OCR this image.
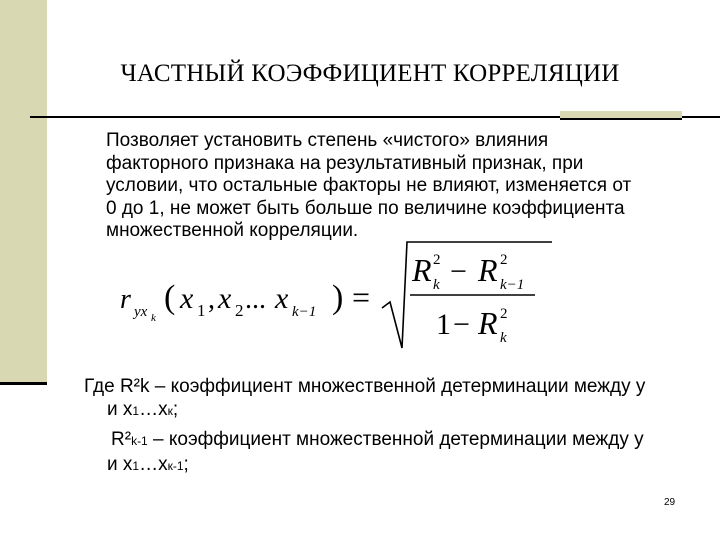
ЧАСТНЫЙ КОЭФФИЦИЕНТ КОРРЕЛЯЦИИ
Позволяет установить степень «чистого» влияния
факторного признака на результативный признак, при
условии, что остальные факторы не влияют, изменяется от
0 до 1, не может быть больше по величине коэффициента
множественной корреляции.
r yx k
( x 1 , x 2 ... x k−1 ) =
R 2
k − R 2
k−1
1 − R 2
k

Где R²k – коэффициент множественной детерминации между y

и x1…xк;

R²k-1 – коэффициент множественной детерминации между y

и x1…xк-1;

29
